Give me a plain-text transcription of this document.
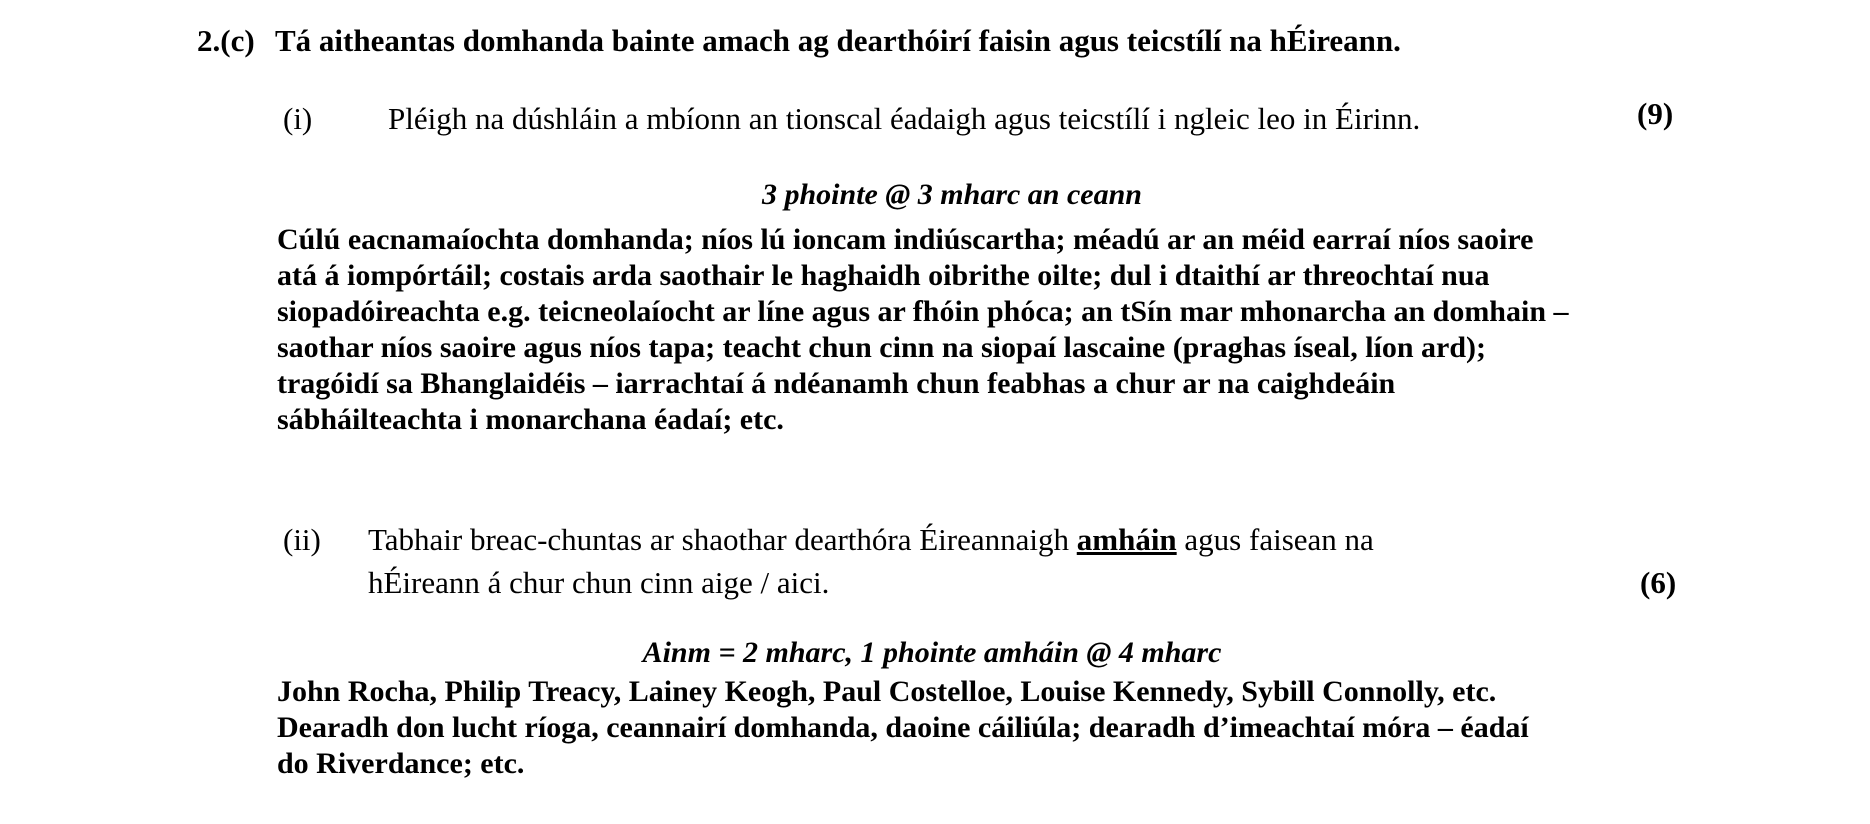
2.(c) Tá aitheantas domhanda bainte amach ag dearthóirí faisin agus teicstílí na hÉireann.
(i)	Pléigh na dúshláin a mbíonn an tionscal éadaigh agus teicstílí i ngleic leo in Éirinn.	(9)
3 phointe @ 3 mharc an ceann
Cúlú eacnamaíochta domhanda; níos lú ioncam indiúscartha; méadú ar an méid earraí níos saoire
atá á iompórtáil; costais arda saothair le haghaidh oibrithe oilte; dul i dtaithí ar threochtaí nua
siopadóireachta e.g. teicneolaíocht ar líne agus ar fhóin phóca; an tSín mar mhonarcha an domhain –
saothar níos saoire agus níos tapa; teacht chun cinn na siopaí lascaine (praghas íseal, líon ard);
tragóidí sa Bhanglaidéis – iarrachtaí á ndéanamh chun feabhas a chur ar na caighdeáin
sábháilteachta i monarchana éadaí; etc.
(ii)	Tabhair breac-chuntas ar shaothar dearthóra Éireannaigh amháin agus faisean na
hÉireann á chur chun cinn aige / aici.	(6)
Ainm = 2 mharc, 1 phointe amháin @ 4 mharc
John Rocha, Philip Treacy, Lainey Keogh, Paul Costelloe, Louise Kennedy, Sybill Connolly, etc.
Dearadh don lucht ríoga, ceannairí domhanda, daoine cáiliúla; dearadh d’imeachtaí móra – éadaí
do Riverdance; etc.
